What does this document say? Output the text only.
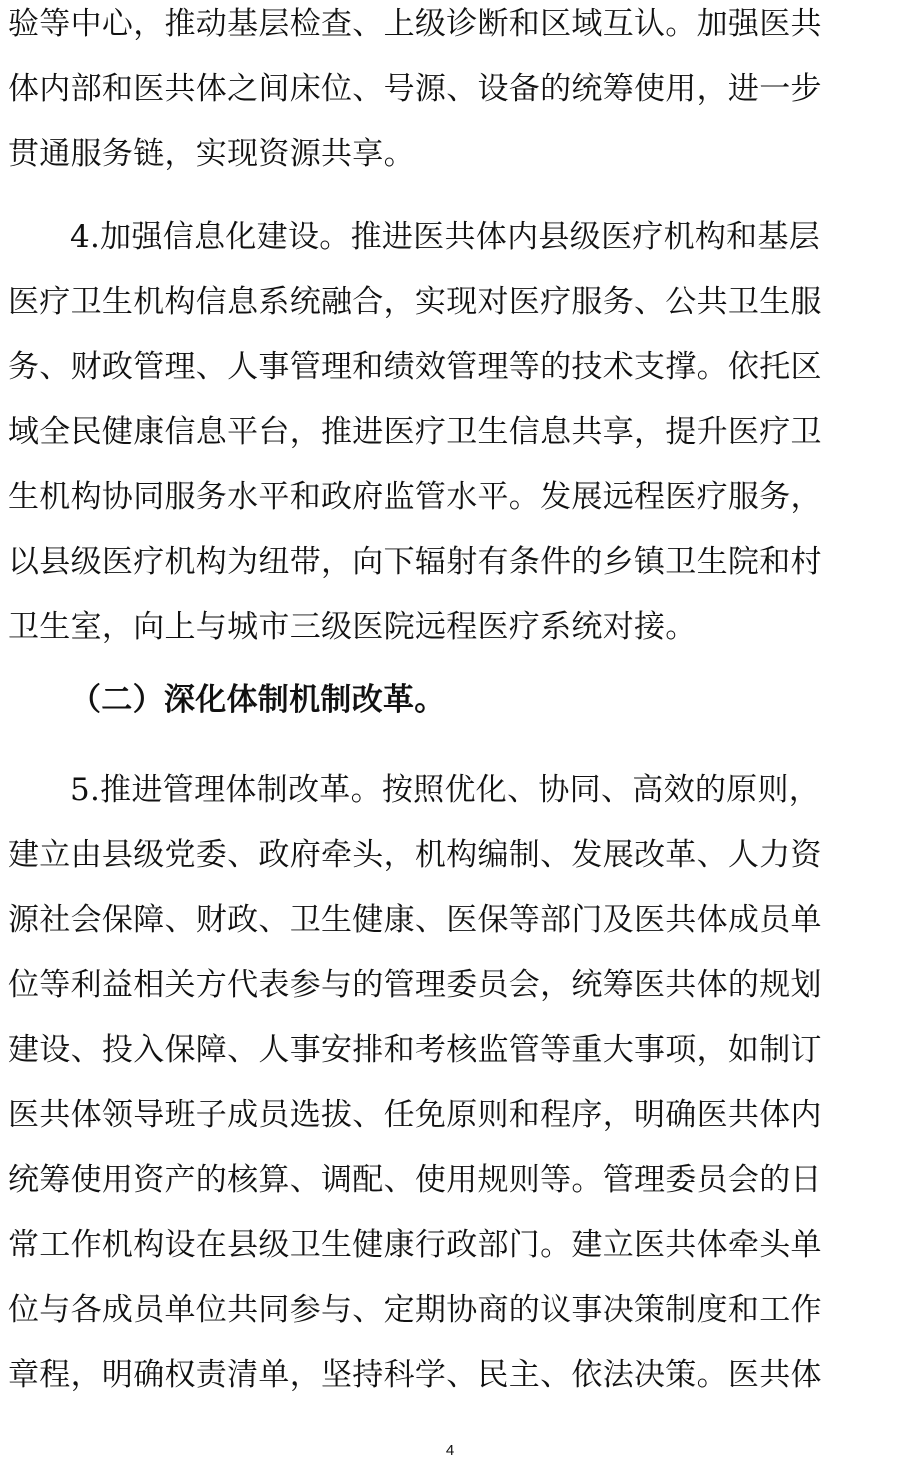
验等中心，推动基层检查、上级诊断和区域互认。加强医共
体内部和医共体之间床位、号源、设备的统筹使用，进一步
贯通服务链，实现资源共享。
4.加强信息化建设。推进医共体内县级医疗机构和基层
医疗卫生机构信息系统融合，实现对医疗服务、公共卫生服
务、财政管理、人事管理和绩效管理等的技术支撑。依托区
域全民健康信息平台，推进医疗卫生信息共享，提升医疗卫
生机构协同服务水平和政府监管水平。发展远程医疗服务，
以县级医疗机构为纽带，向下辐射有条件的乡镇卫生院和村
卫生室，向上与城市三级医院远程医疗系统对接。
（二）深化体制机制改革。
5.推进管理体制改革。按照优化、协同、高效的原则，
建立由县级党委、政府牵头，机构编制、发展改革、人力资
源社会保障、财政、卫生健康、医保等部门及医共体成员单
位等利益相关方代表参与的管理委员会，统筹医共体的规划
建设、投入保障、人事安排和考核监管等重大事项，如制订
医共体领导班子成员选拔、任免原则和程序，明确医共体内
统筹使用资产的核算、调配、使用规则等。管理委员会的日
常工作机构设在县级卫生健康行政部门。建立医共体牵头单
位与各成员单位共同参与、定期协商的议事决策制度和工作
章程，明确权责清单，坚持科学、民主、依法决策。医共体
4
